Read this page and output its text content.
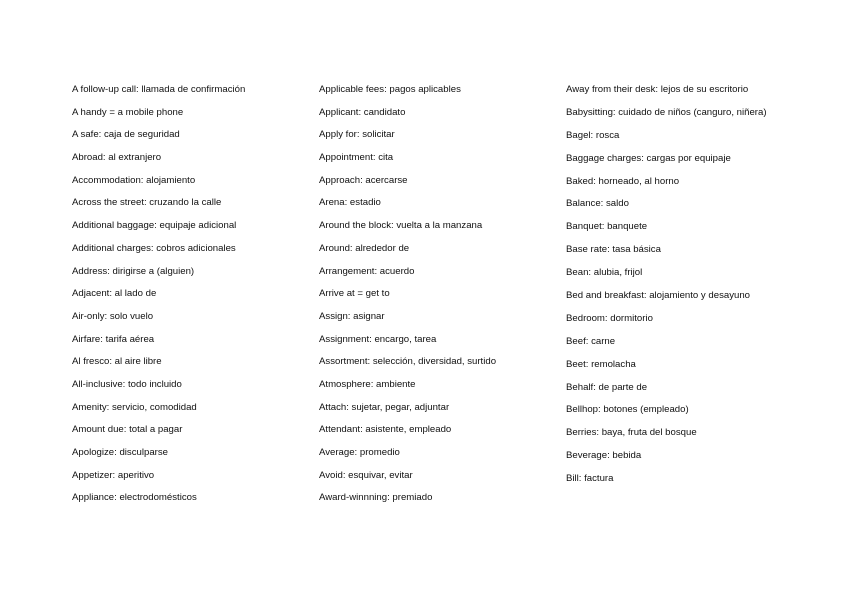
A follow-up call: llamada de confirmación

A handy = a mobile phone

A safe: caja de seguridad

Abroad: al extranjero

Accommodation: alojamiento

Across the street: cruzando la calle

Additional baggage: equipaje adicional

Additional charges: cobros adicionales

Address: dirigirse a (alguien)

Adjacent: al lado de

Air-only: solo vuelo

Airfare: tarifa aérea

Al fresco: al aire libre

All-inclusive: todo incluido

Amenity: servicio, comodidad

Amount due: total a pagar

Apologize: disculparse

Appetizer: aperitivo

Appliance: electrodomésticos

Applicable fees: pagos aplicables

Applicant: candidato

Apply for: solicitar

Appointment: cita

Approach: acercarse

Arena: estadio

Around the block: vuelta a la manzana

Around: alrededor de

Arrangement: acuerdo

Arrive at = get to

Assign: asignar

Assignment: encargo, tarea

Assortment: selección, diversidad, surtido

Atmosphere: ambiente

Attach: sujetar, pegar, adjuntar

Attendant: asistente, empleado

Average: promedio

Avoid: esquivar, evitar

Award-winnning: premiado

Away from their desk: lejos de su escritorio

Babysitting: cuidado de niños (canguro, niñera)

Bagel: rosca

Baggage charges: cargas por equipaje

Baked: horneado, al horno

Balance: saldo

Banquet: banquete

Base rate: tasa básica

Bean: alubia, frijol

Bed and breakfast: alojamiento y desayuno

Bedroom: dormitorio

Beef: carne

Beet: remolacha

Behalf: de parte de

Bellhop: botones (empleado)

Berries: baya, fruta del bosque

Beverage: bebida

Bill: factura
